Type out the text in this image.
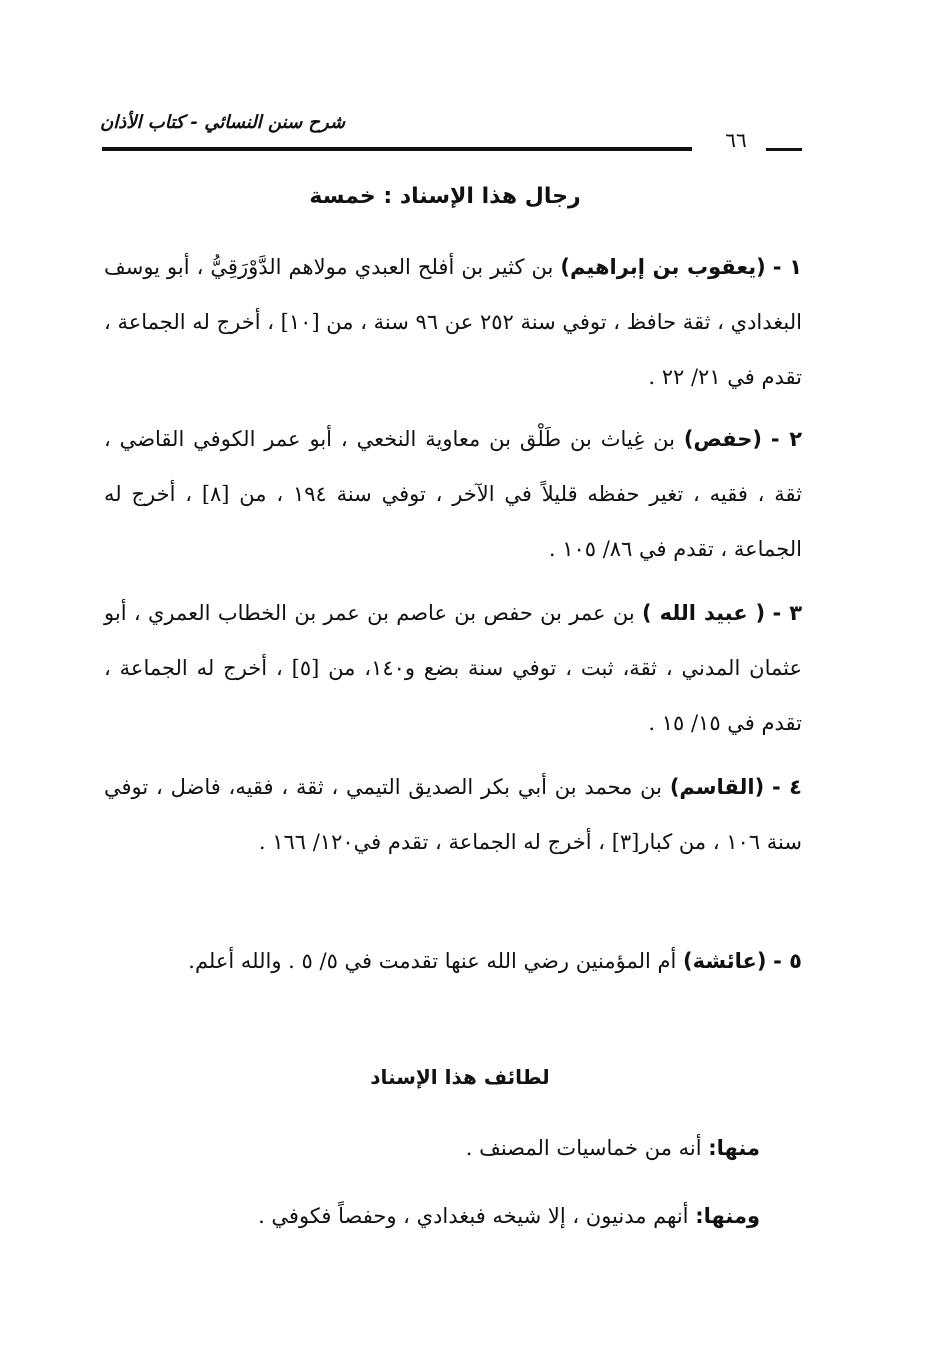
شرح سنن النسائي - كتاب الأذان
٦٦
رجال هذا الإسناد : خمسة
١ - (يعقوب بن إبراهيم) بن كثير بن أفلح العبدي مولاهم الدَّوْرَقِيُّ ، أبو يوسف البغدادي ، ثقة حافظ ، توفي سنة ٢٥٢ عن ٩٦ سنة ، من [١٠] ، أخرج له الجماعة ، تقدم في ٢١/ ٢٢ .
٢ - (حفص) بن غِياث بن طَلْق بن معاوية النخعي ، أبو عمر الكوفي القاضي ، ثقة ، فقيه ، تغير حفظه قليلاً في الآخر ، توفي سنة ١٩٤ ، من [٨] ، أخرج له الجماعة ، تقدم في ٨٦/ ١٠٥ .
٣ - ( عبيد الله ) بن عمر بن حفص بن عاصم بن عمر بن الخطاب العمري ، أبو عثمان المدني ، ثقة، ثبت ، توفي سنة بضع و١٤٠، من [٥] ، أخرج له الجماعة ، تقدم في ١٥/ ١٥ .
٤ - (القاسم) بن محمد بن أبي بكر الصديق التيمي ، ثقة ، فقيه، فاضل ، توفي سنة ١٠٦ ، من كبار[٣] ، أخرج له الجماعة ، تقدم في١٢٠/ ١٦٦ .
٥ - (عائشة) أم المؤمنين رضي الله عنها تقدمت في ٥/ ٥ . والله أعلم.
لطائف هذا الإسناد
منها: أنه من خماسيات المصنف .
ومنها: أنهم مدنيون ، إلا شيخه فبغدادي ، وحفصاً فكوفي .
